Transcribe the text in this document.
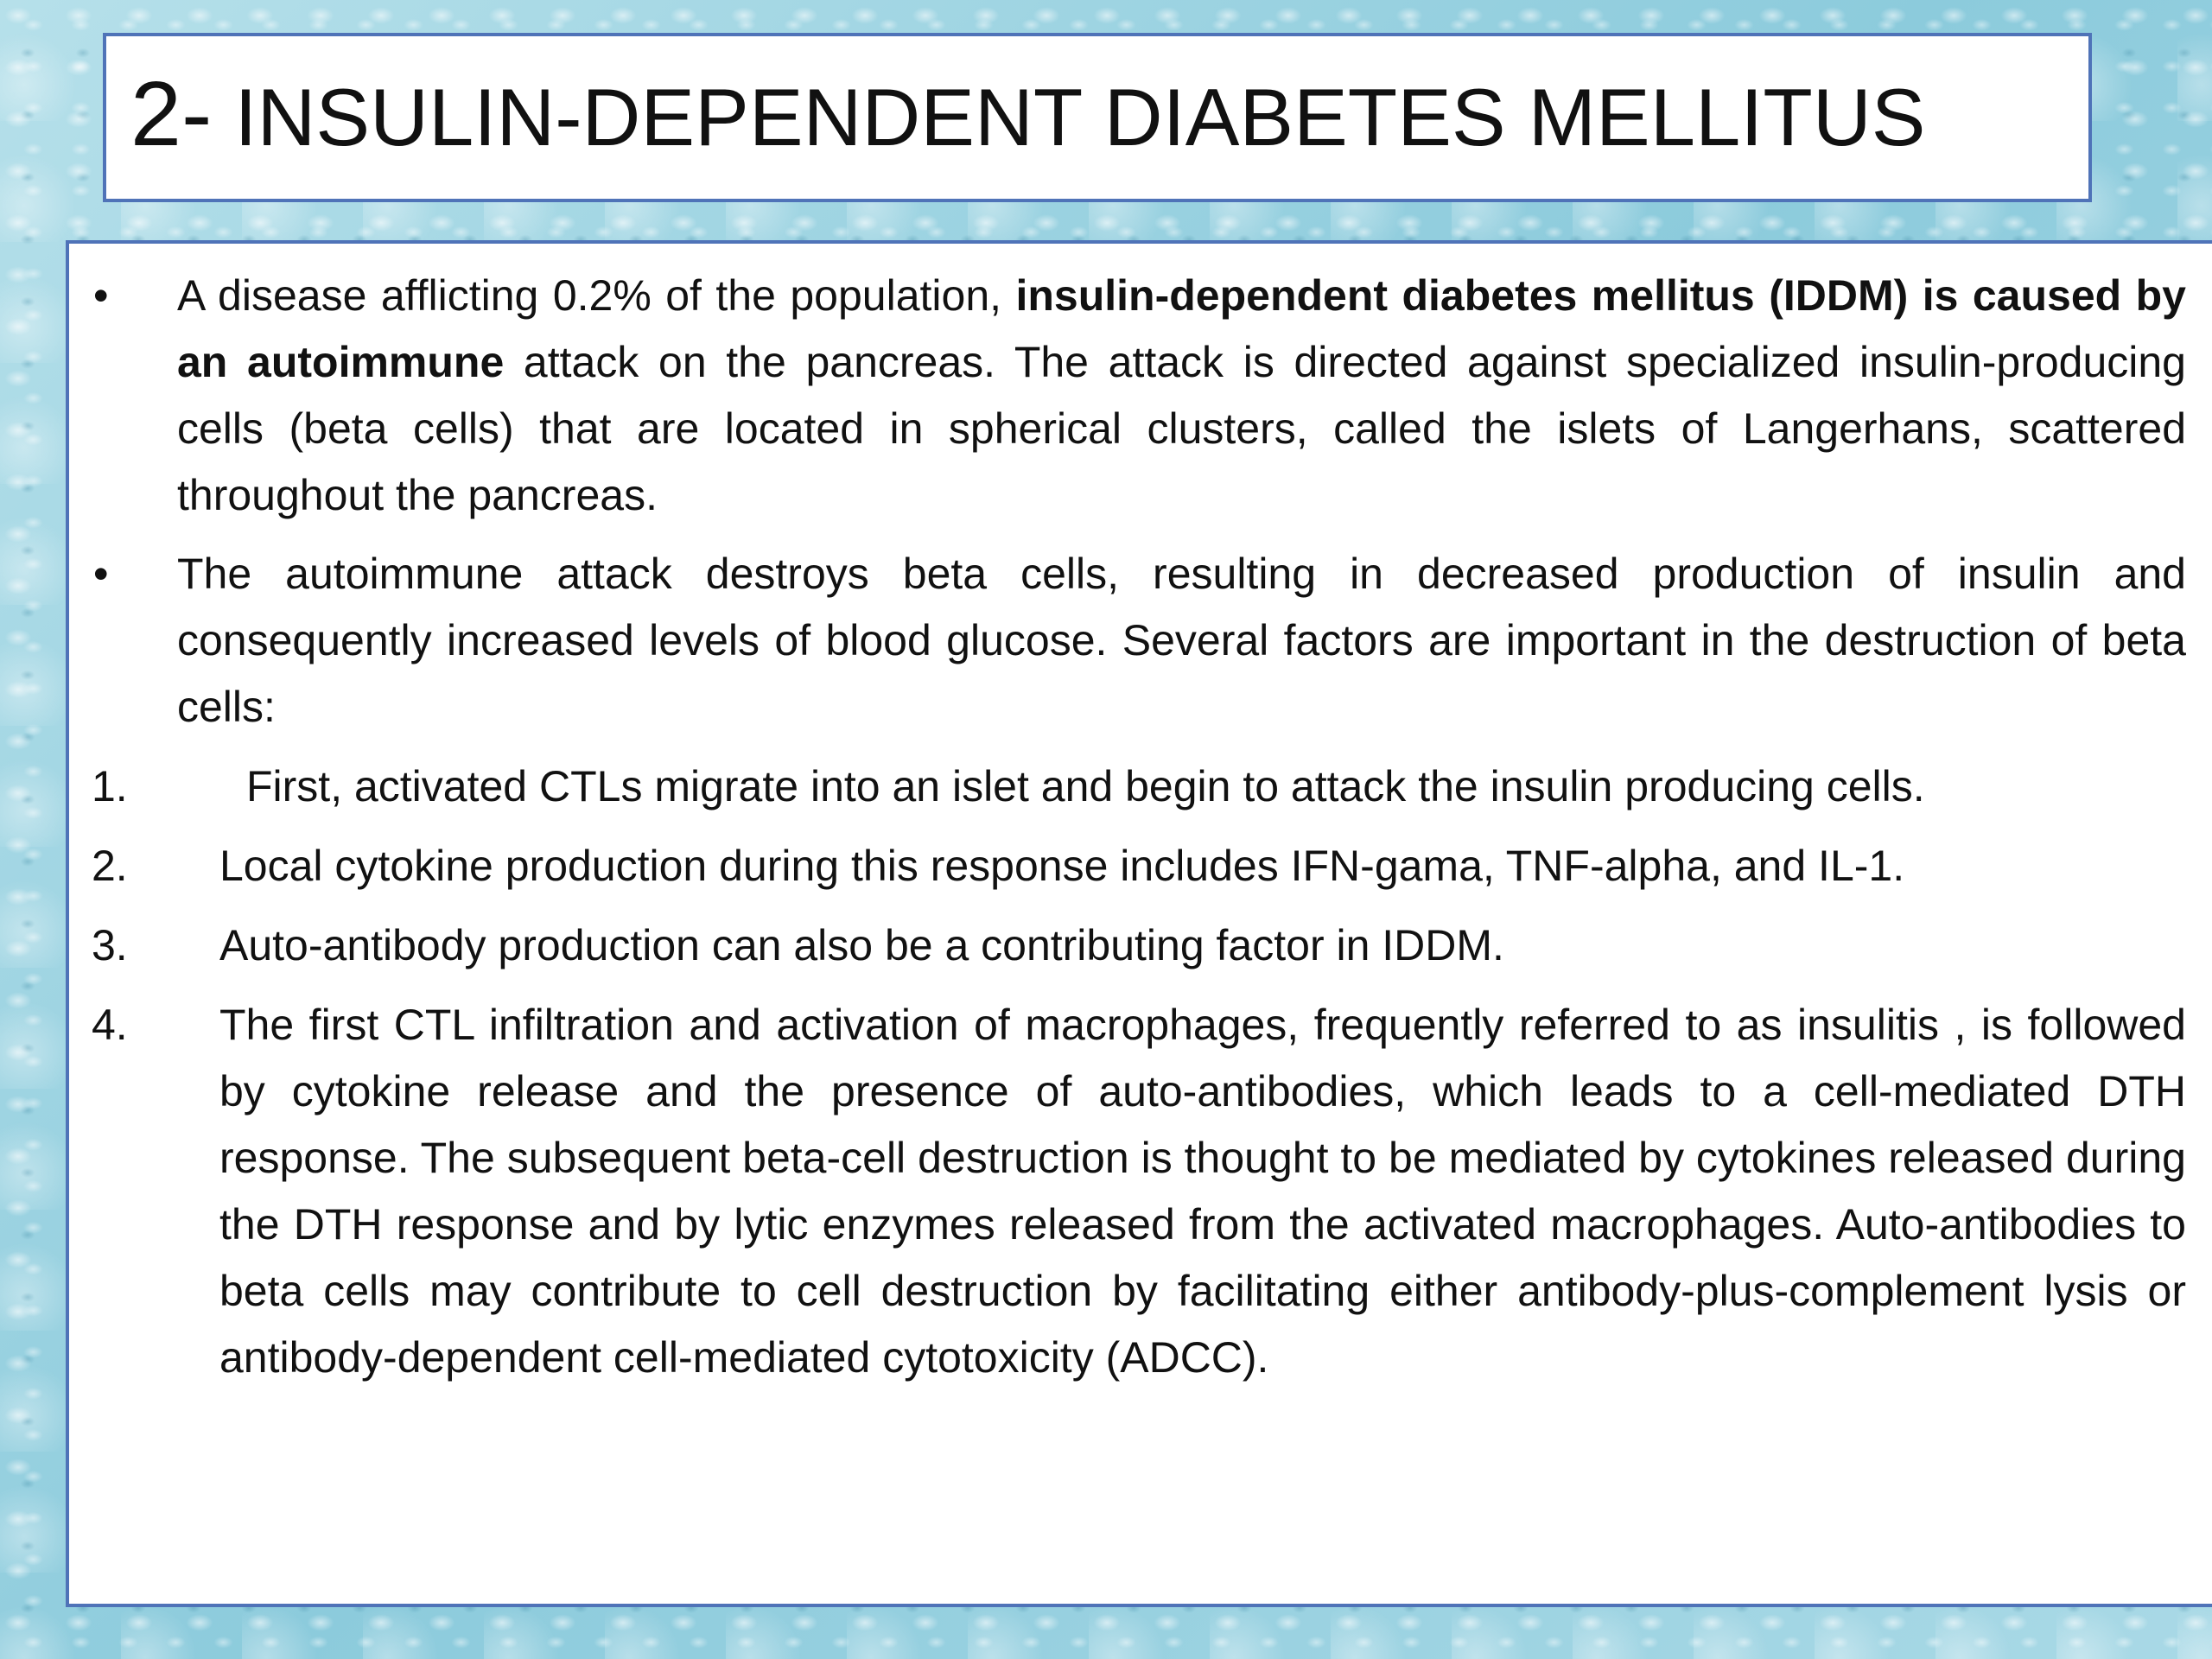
2- INSULIN-DEPENDENT DIABETES MELLITUS
• A disease afflicting 0.2% of the population, insulin-dependent diabetes mellitus (IDDM) is caused by an autoimmune attack on the pancreas. The attack is directed against specialized insulin-producing cells (beta cells) that are located in spherical clusters, called the islets of Langerhans, scattered throughout the pancreas.
• The autoimmune attack destroys beta cells, resulting in decreased production of insulin and consequently increased levels of blood glucose. Several factors are important in the destruction of beta cells:
1.	First, activated CTLs migrate into an islet and begin to attack the insulin producing cells.
2. Local cytokine production during this response includes IFN-gama, TNF-alpha, and IL-1.
3. Auto-antibody production can also be a contributing factor in IDDM.
4. The first CTL infiltration and activation of macrophages, frequently referred to as insulitis , is followed by cytokine release and the presence of auto-antibodies, which leads to a cell-mediated DTH response. The subsequent beta-cell destruction is thought to be mediated by cytokines released during the DTH response and by lytic enzymes released from the activated macrophages. Auto-antibodies to beta cells may contribute to cell destruction by facilitating either antibody-plus-complement lysis or antibody-dependent cell-mediated cytotoxicity (ADCC).
